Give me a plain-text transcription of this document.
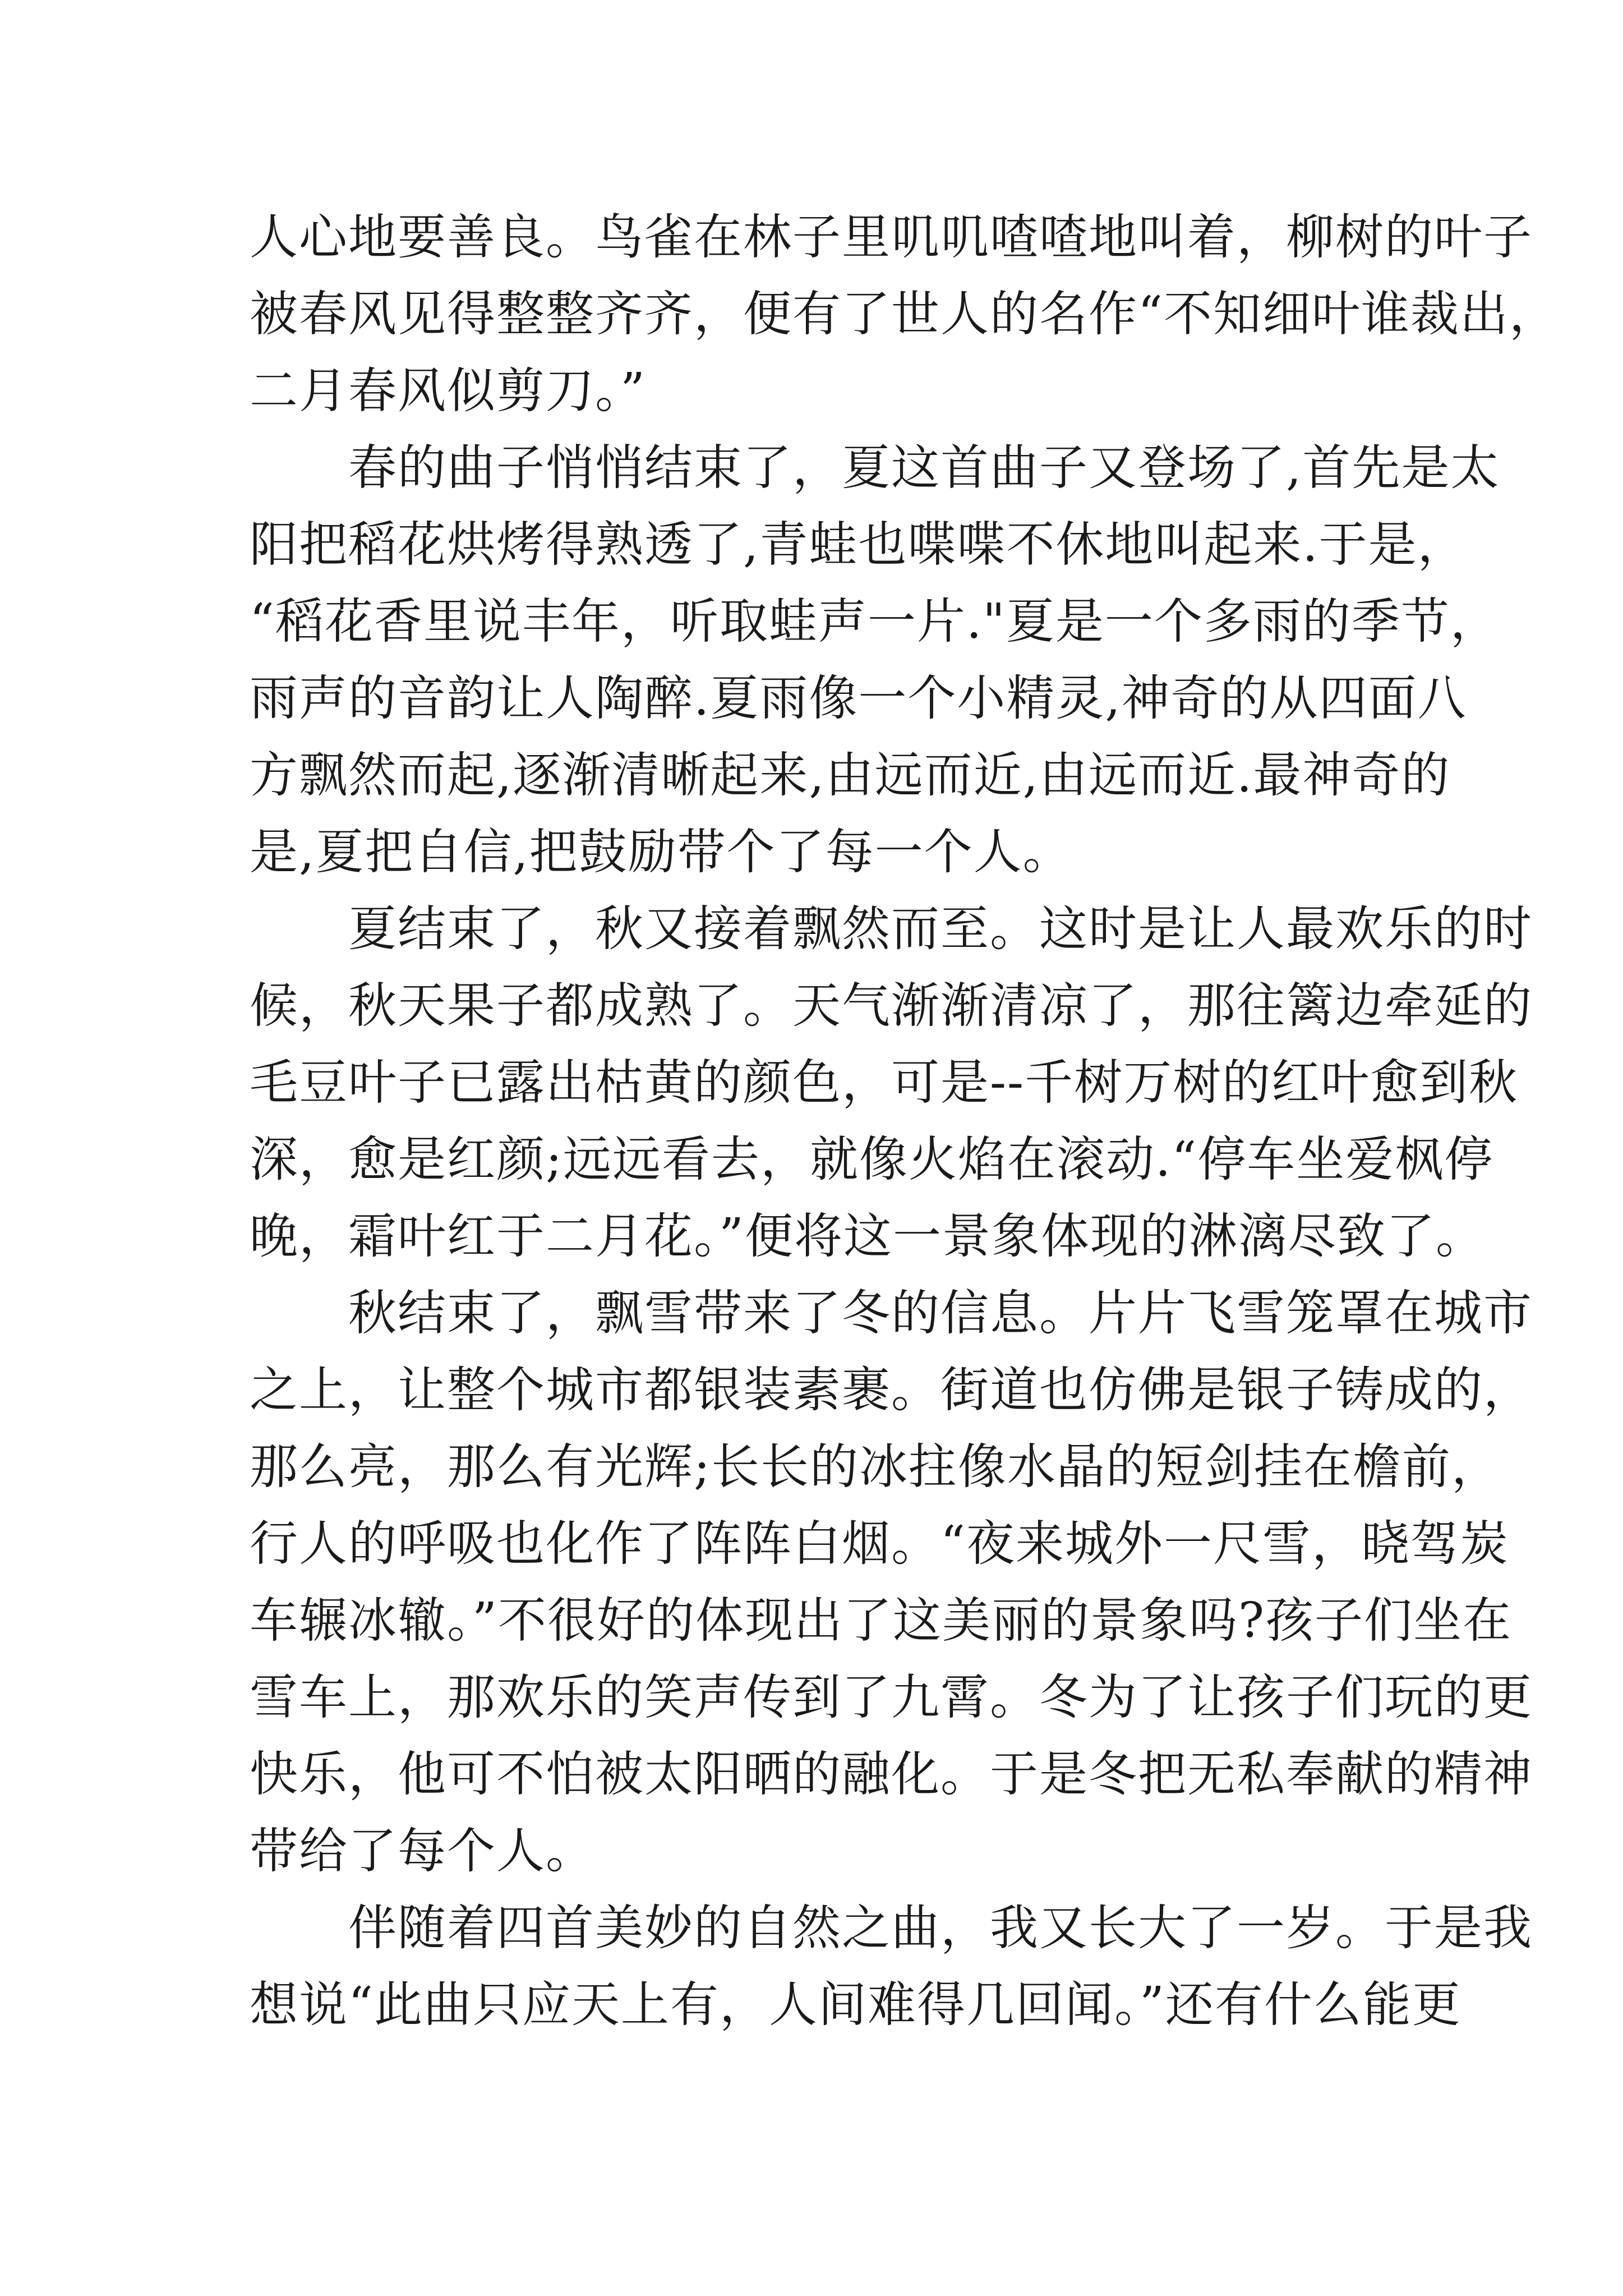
人心地要善良。鸟雀在林子里叽叽喳喳地叫着，柳树的叶子
被春风见得整整齐齐，便有了世人的名作“不知细叶谁裁出，
二月春风似剪刀。”
　　春的曲子悄悄结束了，夏这首曲子又登场了,首先是太
阳把稻花烘烤得熟透了,青蛙也喋喋不休地叫起来.于是，
“稻花香里说丰年，听取蛙声一片."夏是一个多雨的季节，
雨声的音韵让人陶醉.夏雨像一个小精灵,神奇的从四面八
方飘然而起,逐渐清晰起来,由远而近,由远而近.最神奇的
是,夏把自信,把鼓励带个了每一个人。
　　夏结束了，秋又接着飘然而至。这时是让人最欢乐的时
候，秋天果子都成熟了。天气渐渐清凉了，那往篱边牵延的
毛豆叶子已露出枯黄的颜色，可是--千树万树的红叶愈到秋
深，愈是红颜;远远看去，就像火焰在滚动.“停车坐爱枫停
晚，霜叶红于二月花。”便将这一景象体现的淋漓尽致了。
　　秋结束了，飘雪带来了冬的信息。片片飞雪笼罩在城市
之上，让整个城市都银装素裹。街道也仿佛是银子铸成的，
那么亮，那么有光辉;长长的冰拄像水晶的短剑挂在檐前，
行人的呼吸也化作了阵阵白烟。“夜来城外一尺雪，晓驾炭
车辗冰辙。”不很好的体现出了这美丽的景象吗?孩子们坐在
雪车上，那欢乐的笑声传到了九霄。冬为了让孩子们玩的更
快乐，他可不怕被太阳晒的融化。于是冬把无私奉献的精神
带给了每个人。
　　伴随着四首美妙的自然之曲，我又长大了一岁。于是我
想说“此曲只应天上有，人间难得几回闻。”还有什么能更
